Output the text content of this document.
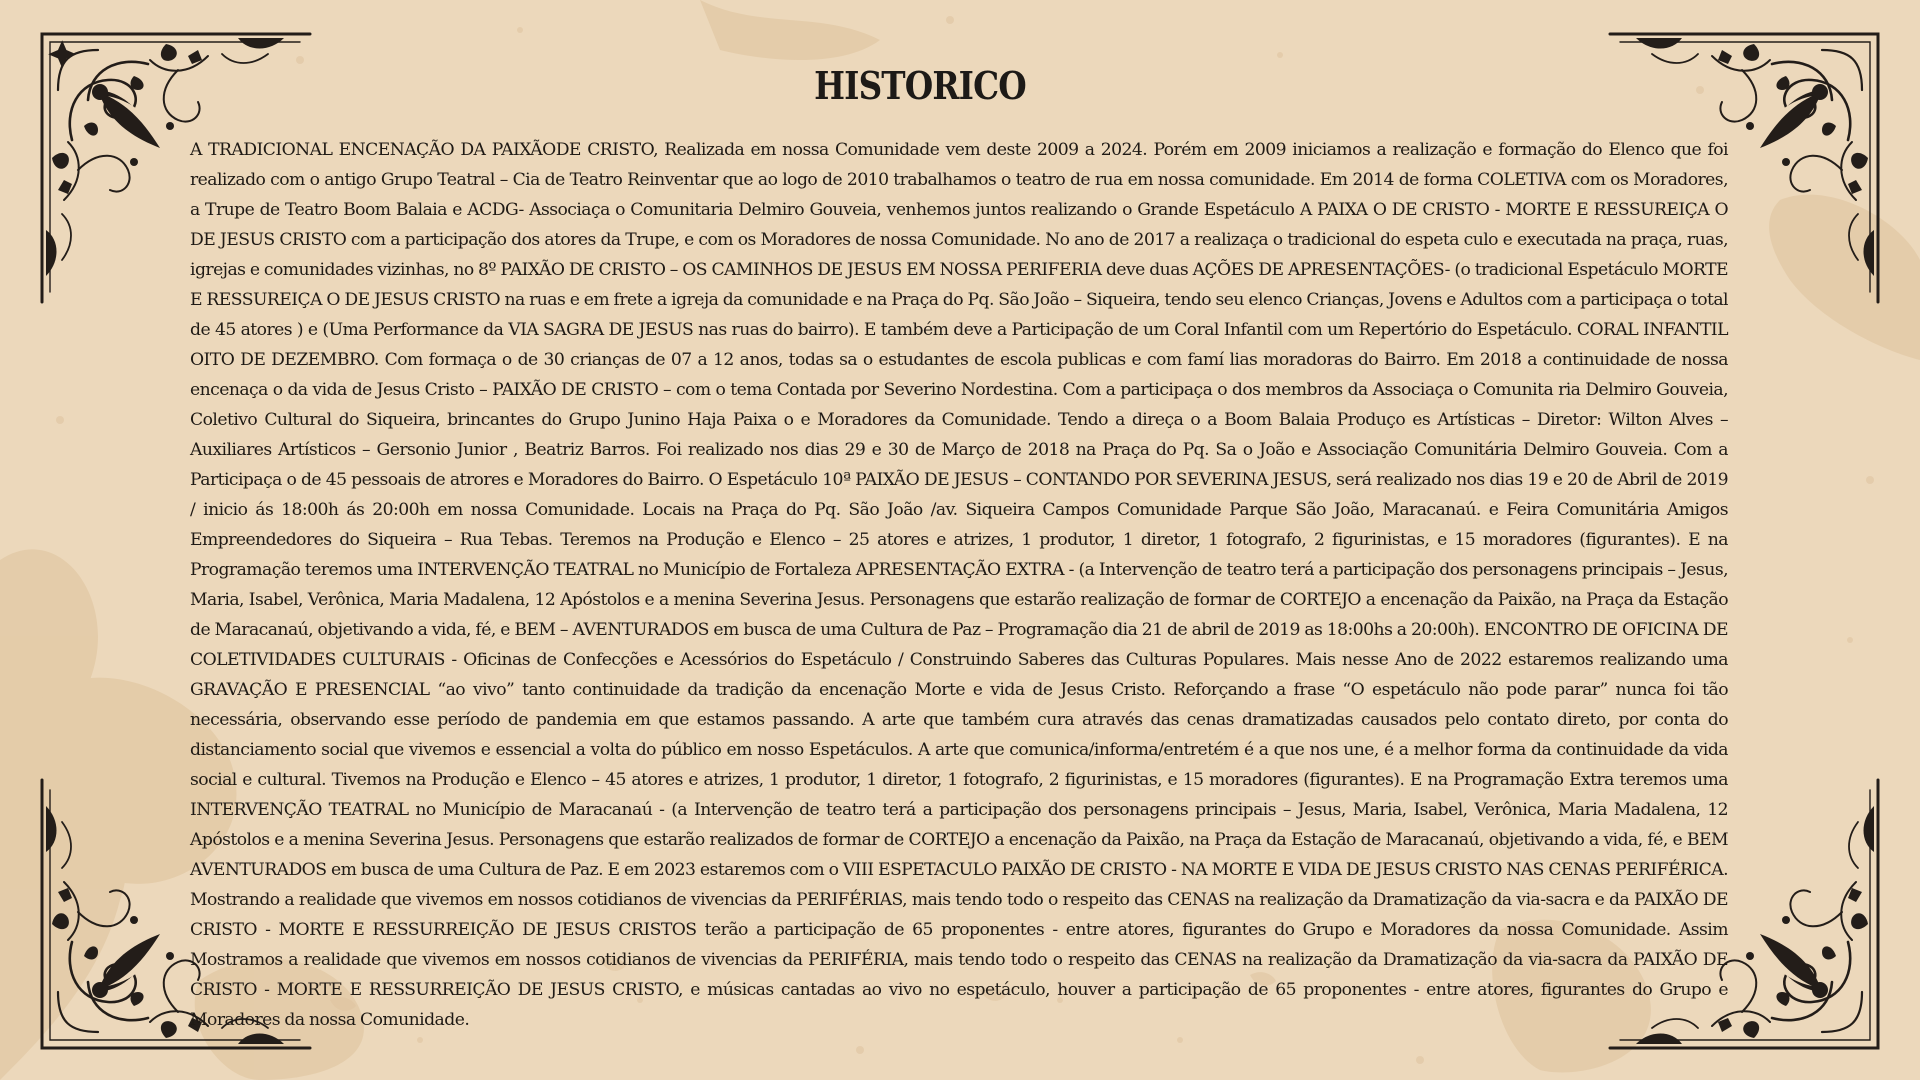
HISTORICO

A TRADICIONAL ENCENAÇÃO DA PAIXÃODE CRISTO, Realizada em nossa Comunidade vem deste 2009 a 2024. Porém em 2009 iniciamos a realização e formação do Elenco que foi realizado com o antigo Grupo Teatral – Cia de Teatro Reinventar que ao logo de 2010 trabalhamos o teatro de rua em nossa comunidade. Em 2014 de forma COLETIVA com os Moradores, a Trupe de Teatro Boom Balaia e ACDG- Associaça o Comunitaria Delmiro Gouveia, venhemos juntos realizando o Grande Espetáculo A PAIXA O DE CRISTO - MORTE E RESSUREIÇA O DE JESUS CRISTO com a participação dos atores da Trupe, e com os Moradores de nossa Comunidade. No ano de 2017 a realizaça o tradicional do espeta culo e executada na praça, ruas, igrejas e comunidades vizinhas, no 8º PAIXÃO DE CRISTO – OS CAMINHOS DE JESUS EM NOSSA PERIFERIA deve duas AÇÕES DE APRESENTAÇÕES- (o tradicional Espetáculo MORTE E RESSUREIÇA O DE JESUS CRISTO na ruas e em frete a igreja da comunidade e na Praça do Pq. São João – Siqueira, tendo seu elenco Crianças, Jovens e Adultos com a participaça o total de 45 atores ) e (Uma Performance da VIA SAGRA DE JESUS nas ruas do bairro). E também deve a Participação de um Coral Infantil com um Repertório do Espetáculo. CORAL INFANTIL OITO DE DEZEMBRO. Com formaça o de 30 crianças de 07 a 12 anos, todas sa o estudantes de escola publicas e com famí lias moradoras do Bairro. Em 2018 a continuidade de nossa encenaça o da vida de Jesus Cristo – PAIXÃO DE CRISTO – com o tema Contada por Severino Nordestina. Com a participaça o dos membros da Associaça o Comunita ria Delmiro Gouveia, Coletivo Cultural do Siqueira, brincantes do Grupo Junino Haja Paixa o e Moradores da Comunidade. Tendo a direça o a Boom Balaia Produço es Artísticas – Diretor: Wilton Alves – Auxiliares Artísticos – Gersonio Junior , Beatriz Barros. Foi realizado nos dias 29 e 30 de Março de 2018 na Praça do Pq. Sa o João e Associação Comunitária Delmiro Gouveia. Com a Participaça o de 45 pessoais de atrores e Moradores do Bairro. O Espetáculo 10ª PAIXÃO DE JESUS – CONTANDO POR SEVERINA JESUS, será realizado nos dias 19 e 20 de Abril de 2019 / inicio ás 18:00h ás 20:00h em nossa Comunidade. Locais na Praça do Pq. São João /av. Siqueira Campos Comunidade Parque São João, Maracanaú. e Feira Comunitária Amigos Empreendedores do Siqueira – Rua Tebas. Teremos na Produção e Elenco – 25 atores e atrizes, 1 produtor, 1 diretor, 1 fotografo, 2 figurinistas, e 15 moradores (figurantes). E na Programação teremos uma INTERVENÇÃO TEATRAL no Município de Fortaleza APRESENTAÇÃO EXTRA - (a Intervenção de teatro terá a participação dos personagens principais – Jesus, Maria, Isabel, Verônica, Maria Madalena, 12 Apóstolos e a menina Severina Jesus. Personagens que estarão realização de formar de CORTEJO a encenação da Paixão, na Praça da Estação de Maracanaú, objetivando a vida, fé, e BEM – AVENTURADOS em busca de uma Cultura de Paz – Programação dia 21 de abril de 2019 as 18:00hs a 20:00h). ENCONTRO DE OFICINA DE COLETIVIDADES CULTURAIS - Oficinas de Confecções e Acessórios do Espetáculo / Construindo Saberes das Culturas Populares. Mais nesse Ano de 2022 estaremos realizando uma GRAVAÇÃO E PRESENCIAL “ao vivo” tanto continuidade da tradição da encenação Morte e vida de Jesus Cristo. Reforçando a frase “O espetáculo não pode parar” nunca foi tão necessária, observando esse período de pandemia em que estamos passando. A arte que também cura através das cenas dramatizadas causados pelo contato direto, por conta do distanciamento social que vivemos e essencial a volta do público em nosso Espetáculos. A arte que comunica/informa/entretém é a que nos une, é a melhor forma da continuidade da vida social e cultural. Tivemos na Produção e Elenco – 45 atores e atrizes, 1 produtor, 1 diretor, 1 fotografo, 2 figurinistas, e 15 moradores (figurantes). E na Programação Extra teremos uma INTERVENÇÃO TEATRAL no Município de Maracanaú - (a Intervenção de teatro terá a participação dos personagens principais – Jesus, Maria, Isabel, Verônica, Maria Madalena, 12 Apóstolos e a menina Severina Jesus. Personagens que estarão realizados de formar de CORTEJO a encenação da Paixão, na Praça da Estação de Maracanaú, objetivando a vida, fé, e BEM AVENTURADOS em busca de uma Cultura de Paz. E em 2023 estaremos com o VIII ESPETACULO PAIXÃO DE CRISTO - NA MORTE E VIDA DE JESUS CRISTO NAS CENAS PERIFÉRICA. Mostrando a realidade que vivemos em nossos cotidianos de vivencias da PERIFÉRIAS, mais tendo todo o respeito das CENAS na realização da Dramatização da via-sacra e da PAIXÃO DE CRISTO - MORTE E RESSURREIÇÃO DE JESUS CRISTOS terão a participação de 65 proponentes - entre atores, figurantes do Grupo e Moradores da nossa Comunidade. Assim Mostramos a realidade que vivemos em nossos cotidianos de vivencias da PERIFÉRIA, mais tendo todo o respeito das CENAS na realização da Dramatização da via-sacra da PAIXÃO DE CRISTO - MORTE E RESSURREIÇÃO DE JESUS CRISTO, e músicas cantadas ao vivo no espetáculo, houver a participação de 65 proponentes - entre atores, figurantes do Grupo e Moradores da nossa Comunidade.
